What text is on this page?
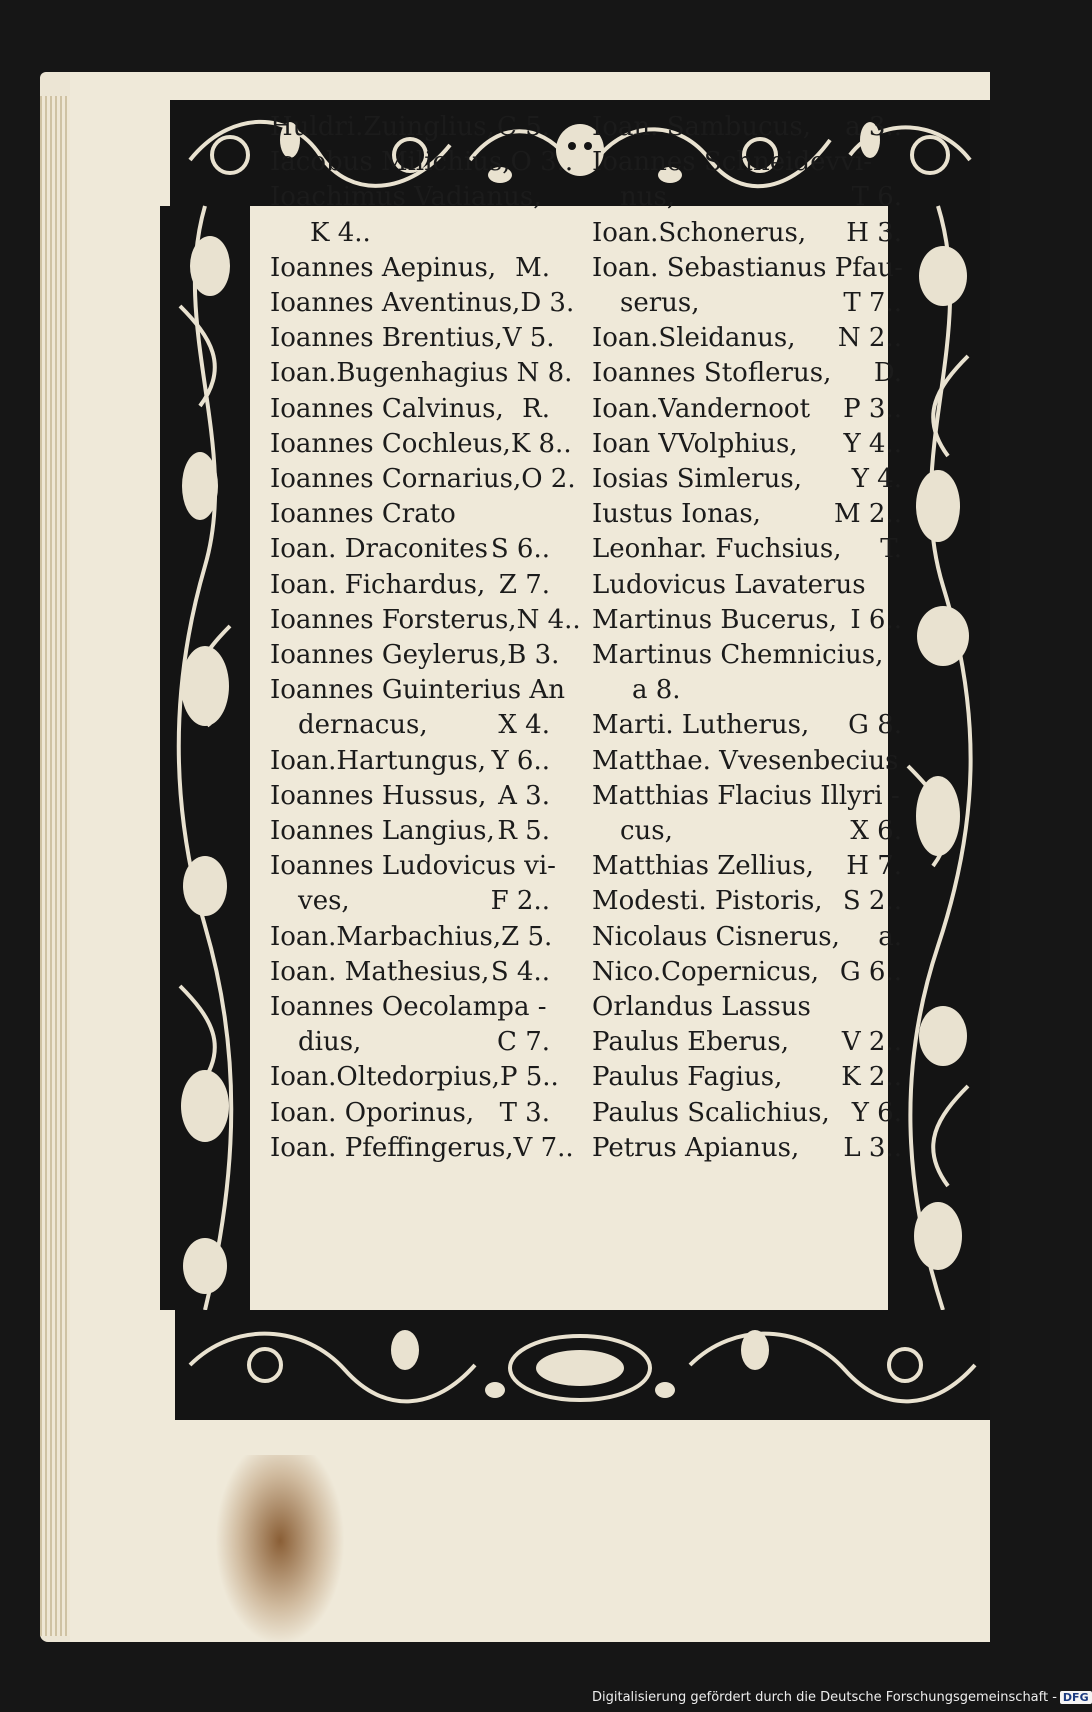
Huldri.Zuinglius, C 5.
Iacobus Milichius,O 3..
Ioachimus Vadianus,
K 4..
Ioannes Aepinus, M.
Ioannes Aventinus,D 3.
Ioannes Brentius, V 5.
Ioan.Bugenhagius N 8.
Ioannes Calvinus, R.
Ioannes Cochleus,K 8..
Ioannes Cornarius,O 2.
Ioannes Crato
Ioan. Draconites S 6..
Ioan. Fichardus, Z 7.
Ioannes Forsterus,N 4..
Ioannes Geylerus, B 3.
Ioannes Guinterius An
dernacus,	X 4.
Ioan.Hartungus, Y 6..
Ioannes Hussus, A 3.
Ioannes Langius, R 5.
Ioannes Ludovicus vi-
ves,	F 2..
Ioan.Marbachius, Z 5.
Ioan. Mathesius, S 4..
Ioannes Oecolampa -
dius,	C 7.
Ioan.Oltedorpius, P 5..
Ioan. Oporinus, T 3.
Ioan. Pfeffingerus, V 7..
Ioan. Sambucus, a 3..
Ioannes Schneidevvi-
nus,	T 6.
Ioan.Schonerus, H 3.
Ioan. Sebastianus Pfau-
serus,	T 7..
Ioan.Sleidanus, N 2..
Ioannes Stoflerus, D.
Ioan.Vandernoot P 3..
Ioan VVolphius, Y 4..
Iosias Simlerus, Y 4.
Iustus Ionas,	M 2..
Leonhar. Fuchsius, T.
Ludovicus Lavaterus
Martinus Bucerus, I 6..
Martinus Chemnicius,
a 8.
Marti. Lutherus, G 8.
Matthae. Vvesenbecius
Matthias Flacius Illyri -
cus,	X 6.
Matthias Zellius, H 7.
Modesti. Pistoris, S 2..
Nicolaus Cisnerus, a.
Nico.Copernicus, G 6..
Orlandus Lassus
Paulus Eberus, V 2..
Paulus Fagius, K 2..
Paulus Scalichius, Y 6.
Petrus Apianus, L 3..
Digitalisierung gefördert durch die Deutsche Forschungsgemeinschaft - DFG
